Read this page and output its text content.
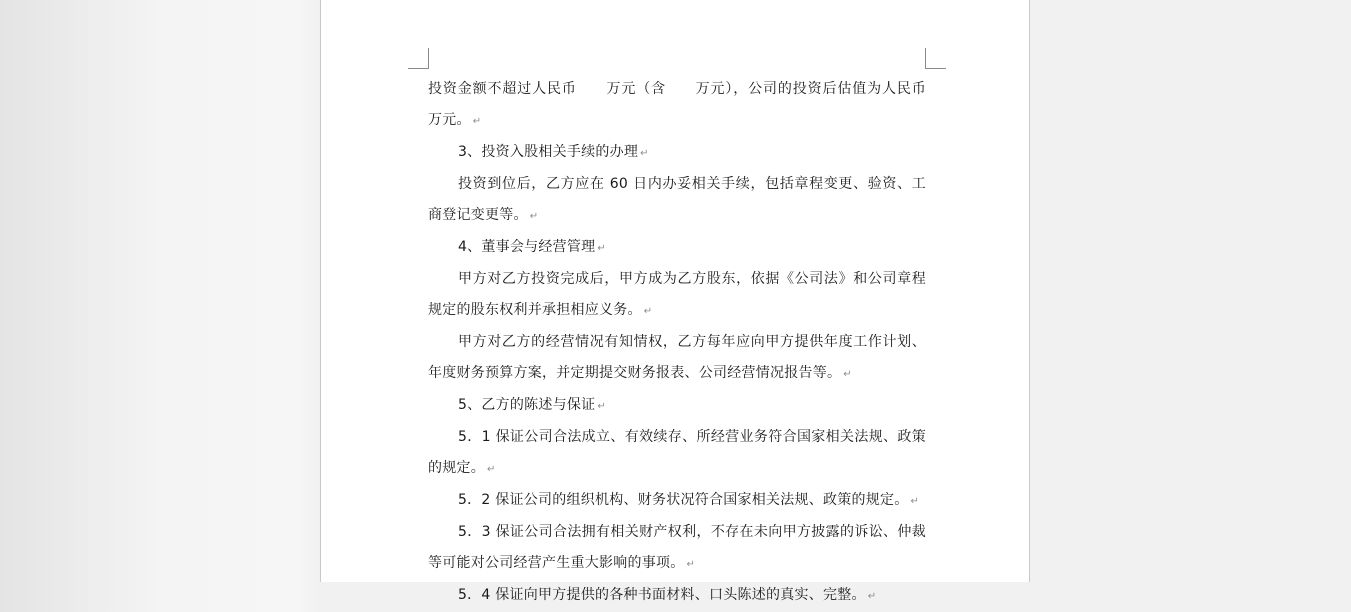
投资金额不超过人民币　　万元（含　　万元），公司的投资后估值为人民币　　万元。 ↵

3、投资入股相关手续的办理 ↵

投资到位后，乙方应在 60 日内办妥相关手续，包括章程变更、验资、工商登记变更等。 ↵

4、董事会与经营管理 ↵

甲方对乙方投资完成后，甲方成为乙方股东，依据《公司法》和公司章程规定的股东权利并承担相应义务。 ↵

甲方对乙方的经营情况有知情权，乙方每年应向甲方提供年度工作计划、年度财务预算方案，并定期提交财务报表、公司经营情况报告等。 ↵

5、乙方的陈述与保证 ↵

5．1 保证公司合法成立、有效续存、所经营业务符合国家相关法规、政策的规定。 ↵

5．2 保证公司的组织机构、财务状况符合国家相关法规、政策的规定。 ↵

5．3 保证公司合法拥有相关财产权利，不存在未向甲方披露的诉讼、仲裁等可能对公司经营产生重大影响的事项。 ↵

5．4 保证向甲方提供的各种书面材料、口头陈述的真实、完整。 ↵
